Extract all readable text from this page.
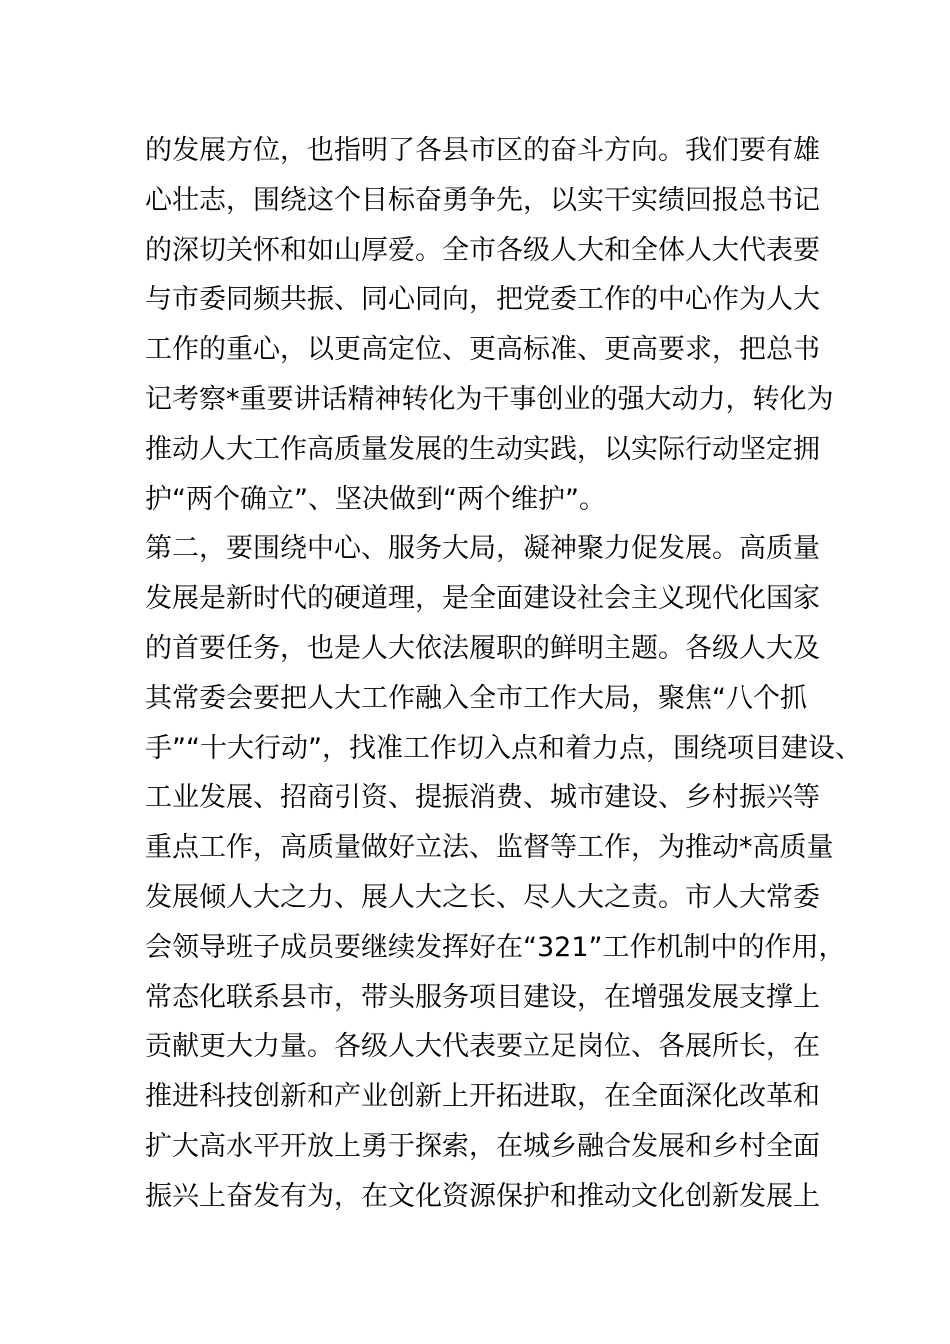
的发展方位，也指明了各县市区的奋斗方向。我们要有雄
心壮志，围绕这个目标奋勇争先，以实干实绩回报总书记
的深切关怀和如山厚爱。全市各级人大和全体人大代表要
与市委同频共振、同心同向，把党委工作的中心作为人大
工作的重心，以更高定位、更高标准、更高要求，把总书
记考察*重要讲话精神转化为干事创业的强大动力，转化为
推动人大工作高质量发展的生动实践，以实际行动坚定拥
护“两个确立”、坚决做到“两个维护”。
第二，要围绕中心、服务大局，凝神聚力促发展。高质量
发展是新时代的硬道理，是全面建设社会主义现代化国家
的首要任务，也是人大依法履职的鲜明主题。各级人大及
其常委会要把人大工作融入全市工作大局，聚焦“八个抓
手”“十大行动”，找准工作切入点和着力点，围绕项目建设、
工业发展、招商引资、提振消费、城市建设、乡村振兴等
重点工作，高质量做好立法、监督等工作，为推动*高质量
发展倾人大之力、展人大之长、尽人大之责。市人大常委
会领导班子成员要继续发挥好在“321”工作机制中的作用，
常态化联系县市，带头服务项目建设，在增强发展支撑上
贡献更大力量。各级人大代表要立足岗位、各展所长，在
推进科技创新和产业创新上开拓进取，在全面深化改革和
扩大高水平开放上勇于探索，在城乡融合发展和乡村全面
振兴上奋发有为，在文化资源保护和推动文化创新发展上
